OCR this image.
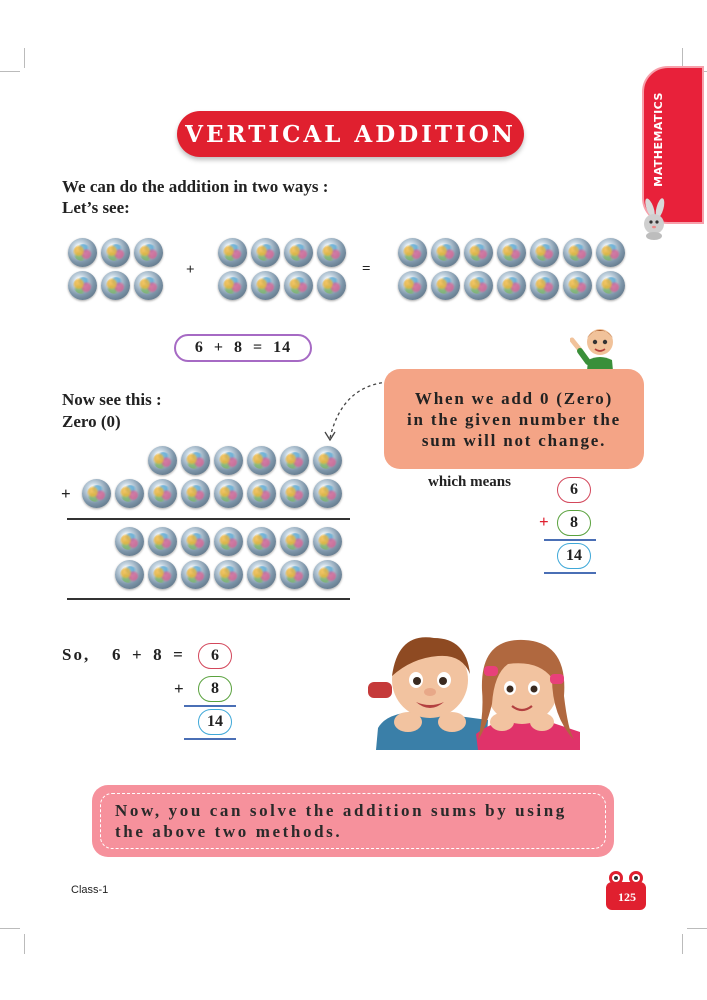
MATHEMATICS
VERTICAL ADDITION
We can do the addition in two ways :
Let’s see:
+	=
6  +  8  =  14
Now see this :
Zero (0)
+
When we add 0 (Zero)
in the given number the
sum will not change.
which means	6
+	8
14
So, 6  +  8  =	6
+	8
14
Now, you can solve the addition sums by using
the above two methods.
Class-1	125
